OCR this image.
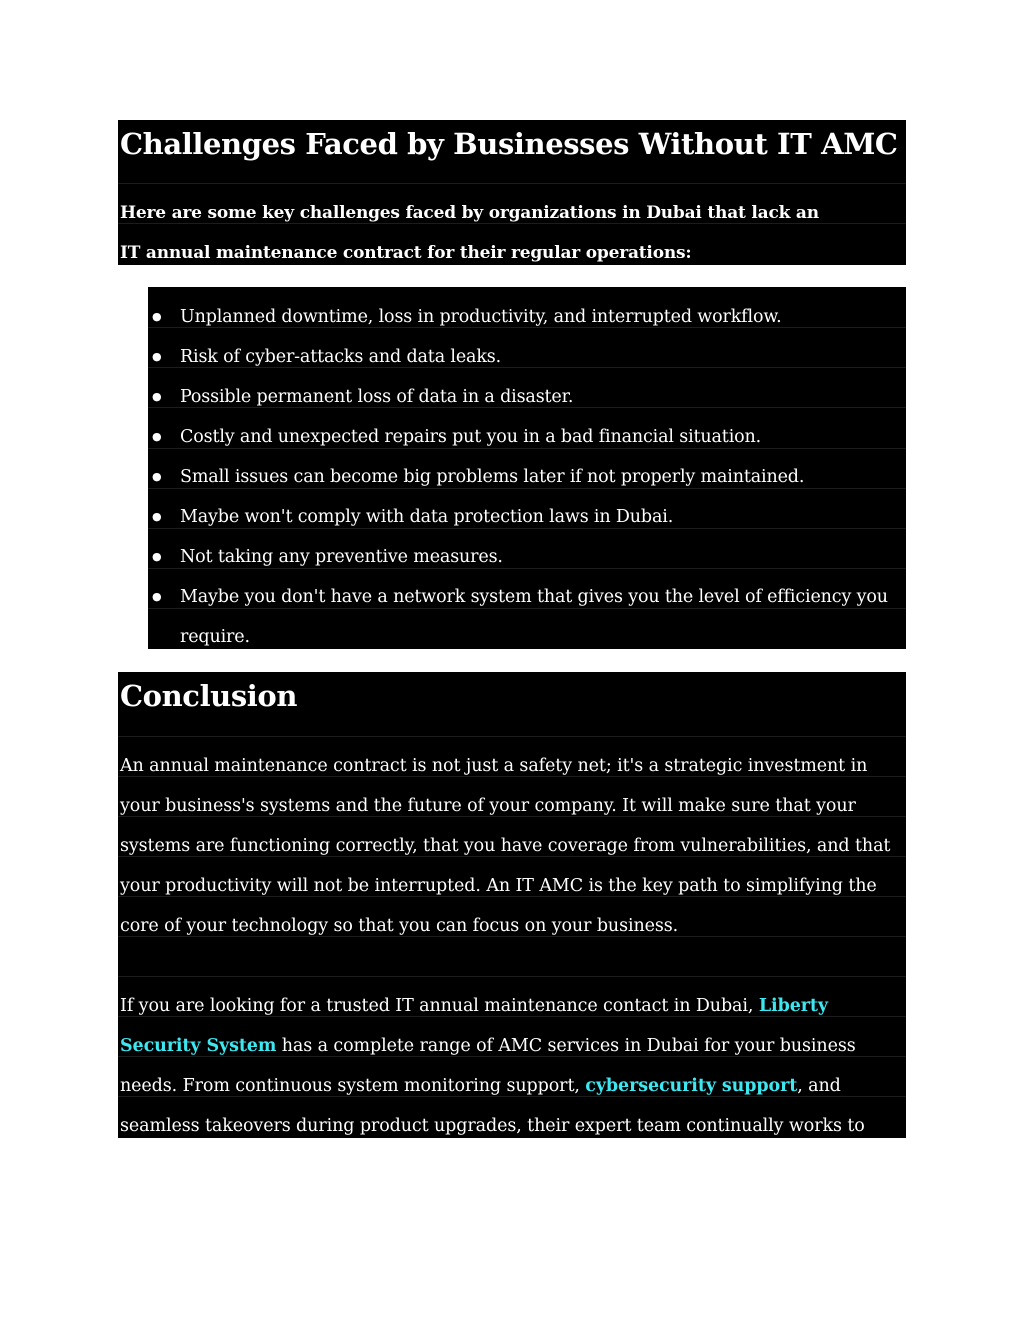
Challenges Faced by Businesses Without IT AMC
Here are some key challenges faced by organizations in Dubai that lack an
IT annual maintenance contract for their regular operations:
● Unplanned downtime, loss in productivity, and interrupted workflow.
● Risk of cyber-attacks and data leaks.
● Possible permanent loss of data in a disaster.
● Costly and unexpected repairs put you in a bad financial situation.
● Small issues can become big problems later if not properly maintained.
● Maybe won't comply with data protection laws in Dubai.
● Not taking any preventive measures.
● Maybe you don't have a network system that gives you the level of efficiency you
require.
Conclusion
An annual maintenance contract is not just a safety net; it's a strategic investment in
your business's systems and the future of your company. It will make sure that your
systems are functioning correctly, that you have coverage from vulnerabilities, and that
your productivity will not be interrupted. An IT AMC is the key path to simplifying the
core of your technology so that you can focus on your business.
If you are looking for a trusted IT annual maintenance contact in Dubai, Liberty
Security System has a complete range of AMC services in Dubai for your business
needs. From continuous system monitoring support, cybersecurity support, and
seamless takeovers during product upgrades, their expert team continually works to
